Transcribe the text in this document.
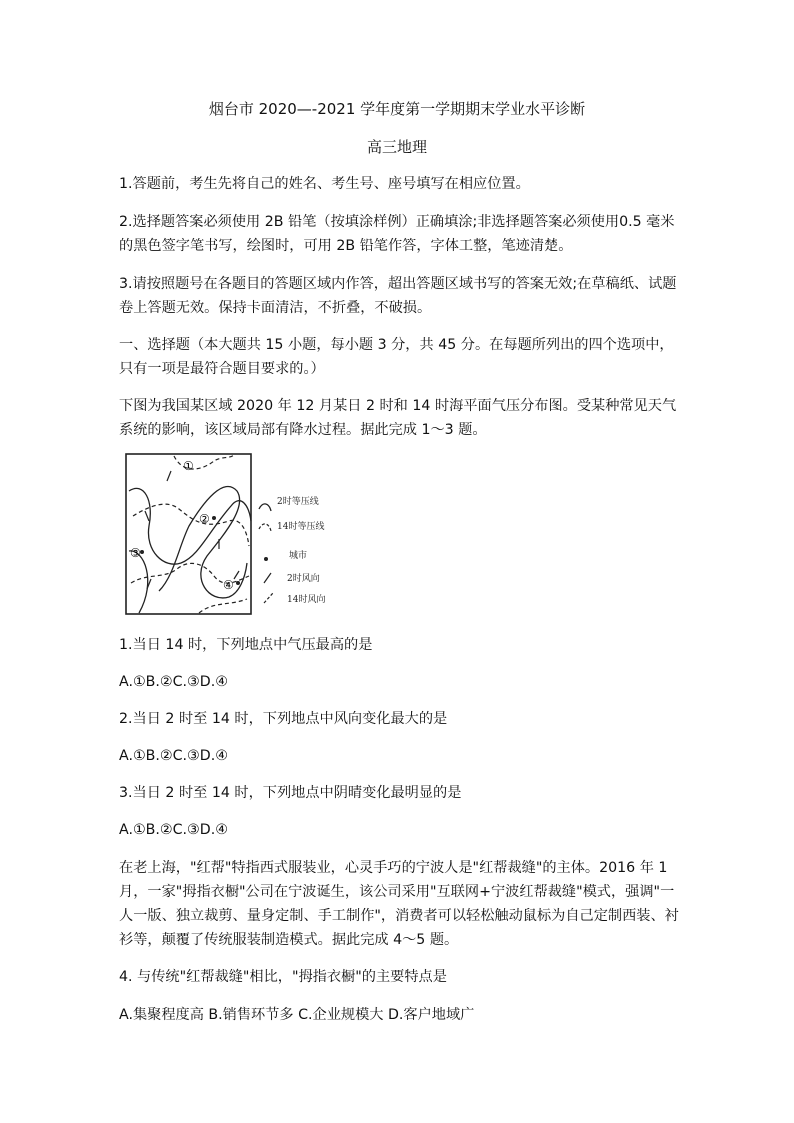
烟台市 2020—-2021 学年度第一学期期末学业水平诊断
高三地理

1.答题前，考生先将自己的姓名、考生号、座号填写在相应位置。

2.选择题答案必须使用 2B 铅笔（按填涂样例）正确填涂;非选择题答案必须使用0.5 毫米的黑色签字笔书写，绘图时，可用 2B 铅笔作答，字体工整，笔迹清楚。

3.请按照题号在各题目的答题区域内作答，超出答题区域书写的答案无效;在草稿纸、试题卷上答题无效。保持卡面清洁，不折叠，不破损。

一、选择题（本大题共 15 小题，每小题 3 分，共 45 分。在每题所列出的四个选项中，只有一项是最符合题目要求的。）

下图为我国某区域 2020 年 12 月某日 2 时和 14 时海平面气压分布图。受某种常见天气系统的影响，该区域局部有降水过程。据此完成 1～3 题。

①
②
③
④
2时等压线
14时等压线
城市
2时风向
14时风向

1.当日 14 时，下列地点中气压最高的是

A.①B.②C.③D.④

2.当日 2 时至 14 时，下列地点中风向变化最大的是

A.①B.②C.③D.④

3.当日 2 时至 14 时，下列地点中阴晴变化最明显的是

A.①B.②C.③D.④

在老上海，"红帮"特指西式服装业，心灵手巧的宁波人是"红帮裁缝"的主体。2016 年 1 月，一家"拇指衣橱"公司在宁波诞生，该公司采用"互联网+宁波红帮裁缝"模式，强调"一人一版、独立裁剪、量身定制、手工制作"，消费者可以轻松触动鼠标为自己定制西装、衬衫等，颠覆了传统服装制造模式。据此完成 4～5 题。

4. 与传统"红帮裁缝"相比，"拇指衣橱"的主要特点是

A.集聚程度高 B.销售环节多 C.企业规模大 D.客户地域广
